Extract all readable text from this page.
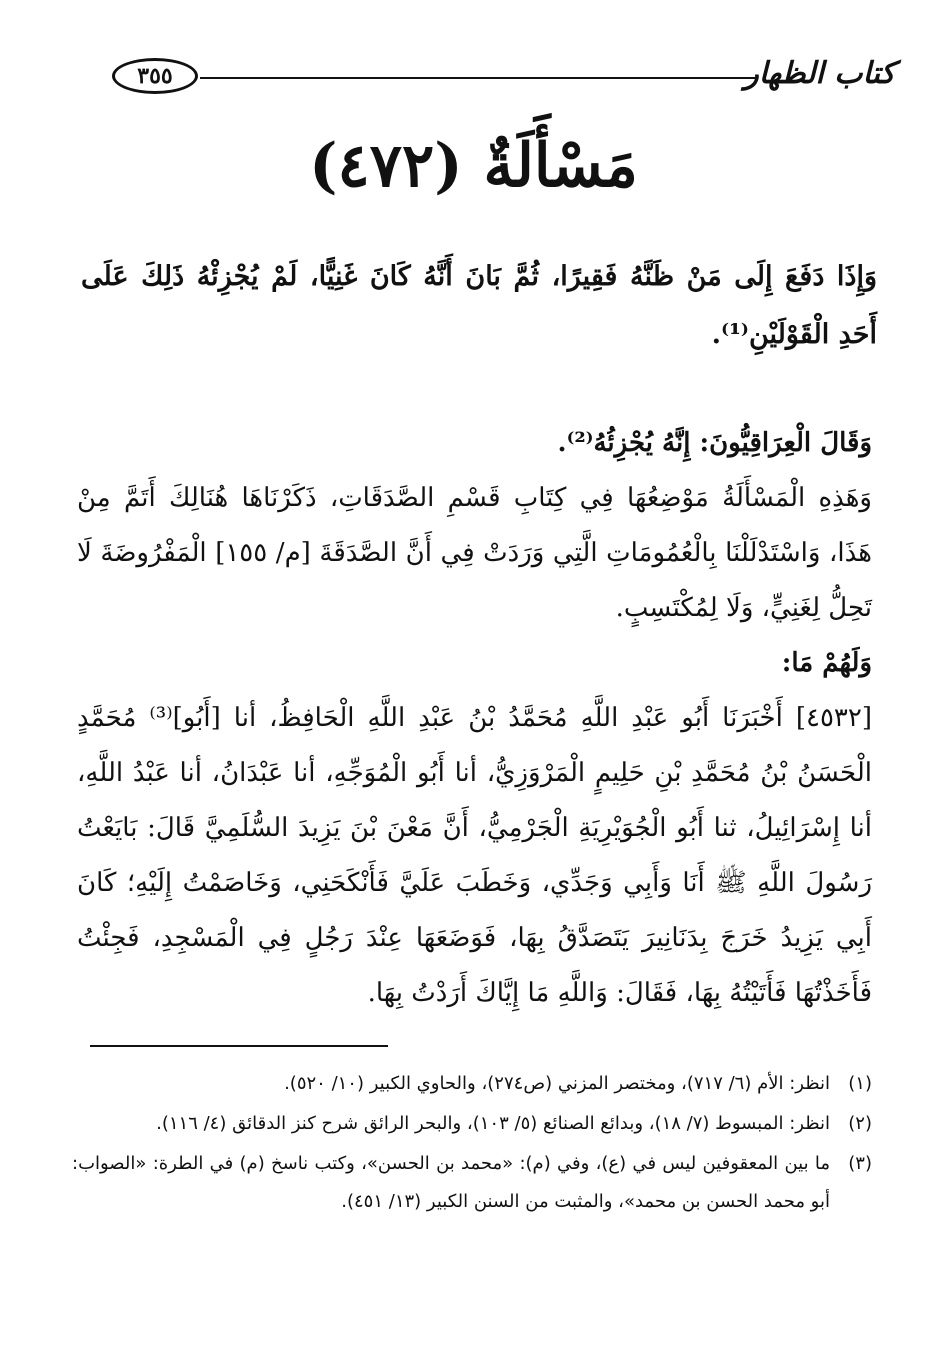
كتاب الظهار
٣٥٥
مَسْأَلَةٌ (٤٧٢)
وَإِذَا دَفَعَ إِلَى مَنْ ظَنَّهُ فَقِيرًا، ثُمَّ بَانَ أَنَّهُ كَانَ غَنِيًّا، لَمْ يُجْزِئْهُ ذَلِكَ عَلَى أَحَدِ الْقَوْلَيْنِ⁽¹⁾.

وَقَالَ الْعِرَاقِيُّونَ: إِنَّهُ يُجْزِئُهُ⁽²⁾.

وَهَذِهِ الْمَسْأَلَةُ مَوْضِعُهَا فِي كِتَابِ قَسْمِ الصَّدَقَاتِ، ذَكَرْنَاهَا هُنَالِكَ أَتَمَّ مِنْ هَذَا، وَاسْتَدْلَلْنَا بِالْعُمُومَاتِ الَّتِي وَرَدَتْ فِي أَنَّ الصَّدَقَةَ [م/ ١٥٥] الْمَفْرُوضَةَ لَا تَحِلُّ لِغَنِيٍّ، وَلَا لِمُكْتَسِبٍ.

وَلَهُمْ مَا:

[٤٥٣٢] أَخْبَرَنَا أَبُو عَبْدِ اللَّهِ مُحَمَّدُ بْنُ عَبْدِ اللَّهِ الْحَافِظُ، أنا [أَبُو]⁽³⁾ مُحَمَّدٍ الْحَسَنُ بْنُ مُحَمَّدِ بْنِ حَلِيمٍ الْمَرْوَزِيُّ، أنا أَبُو الْمُوَجِّهِ، أنا عَبْدَانُ، أنا عَبْدُ اللَّهِ، أنا إِسْرَائِيلُ، ثنا أَبُو الْجُوَيْرِيَةِ الْجَرْمِيُّ، أَنَّ مَعْنَ بْنَ يَزِيدَ السُّلَمِيَّ قَالَ: بَايَعْتُ رَسُولَ اللَّهِ ﷺ أَنَا وَأَبِي وَجَدِّي، وَخَطَبَ عَلَيَّ فَأَنْكَحَنِي، وَخَاصَمْتُ إِلَيْهِ؛ كَانَ أَبِي يَزِيدُ خَرَجَ بِدَنَانِيرَ يَتَصَدَّقُ بِهَا، فَوَضَعَهَا عِنْدَ رَجُلٍ فِي الْمَسْجِدِ، فَجِئْتُ فَأَخَذْتُهَا فَأَتَيْتُهُ بِهَا، فَقَالَ: وَاللَّهِ مَا إِيَّاكَ أَرَدْتُ بِهَا.

(١)
انظر: الأم (٦/ ٧١٧)، ومختصر المزني (ص٢٧٤)، والحاوي الكبير (١٠/ ٥٢٠).
(٢)
انظر: المبسوط (٧/ ١٨)، وبدائع الصنائع (٥/ ١٠٣)، والبحر الرائق شرح كنز الدقائق (٤/ ١١٦).
(٣)
ما بين المعقوفين ليس في (ع)، وفي (م): «محمد بن الحسن»، وكتب ناسخ (م) في الطرة: «الصواب: أبو محمد الحسن بن محمد»، والمثبت من السنن الكبير (١٣/ ٤٥١).
